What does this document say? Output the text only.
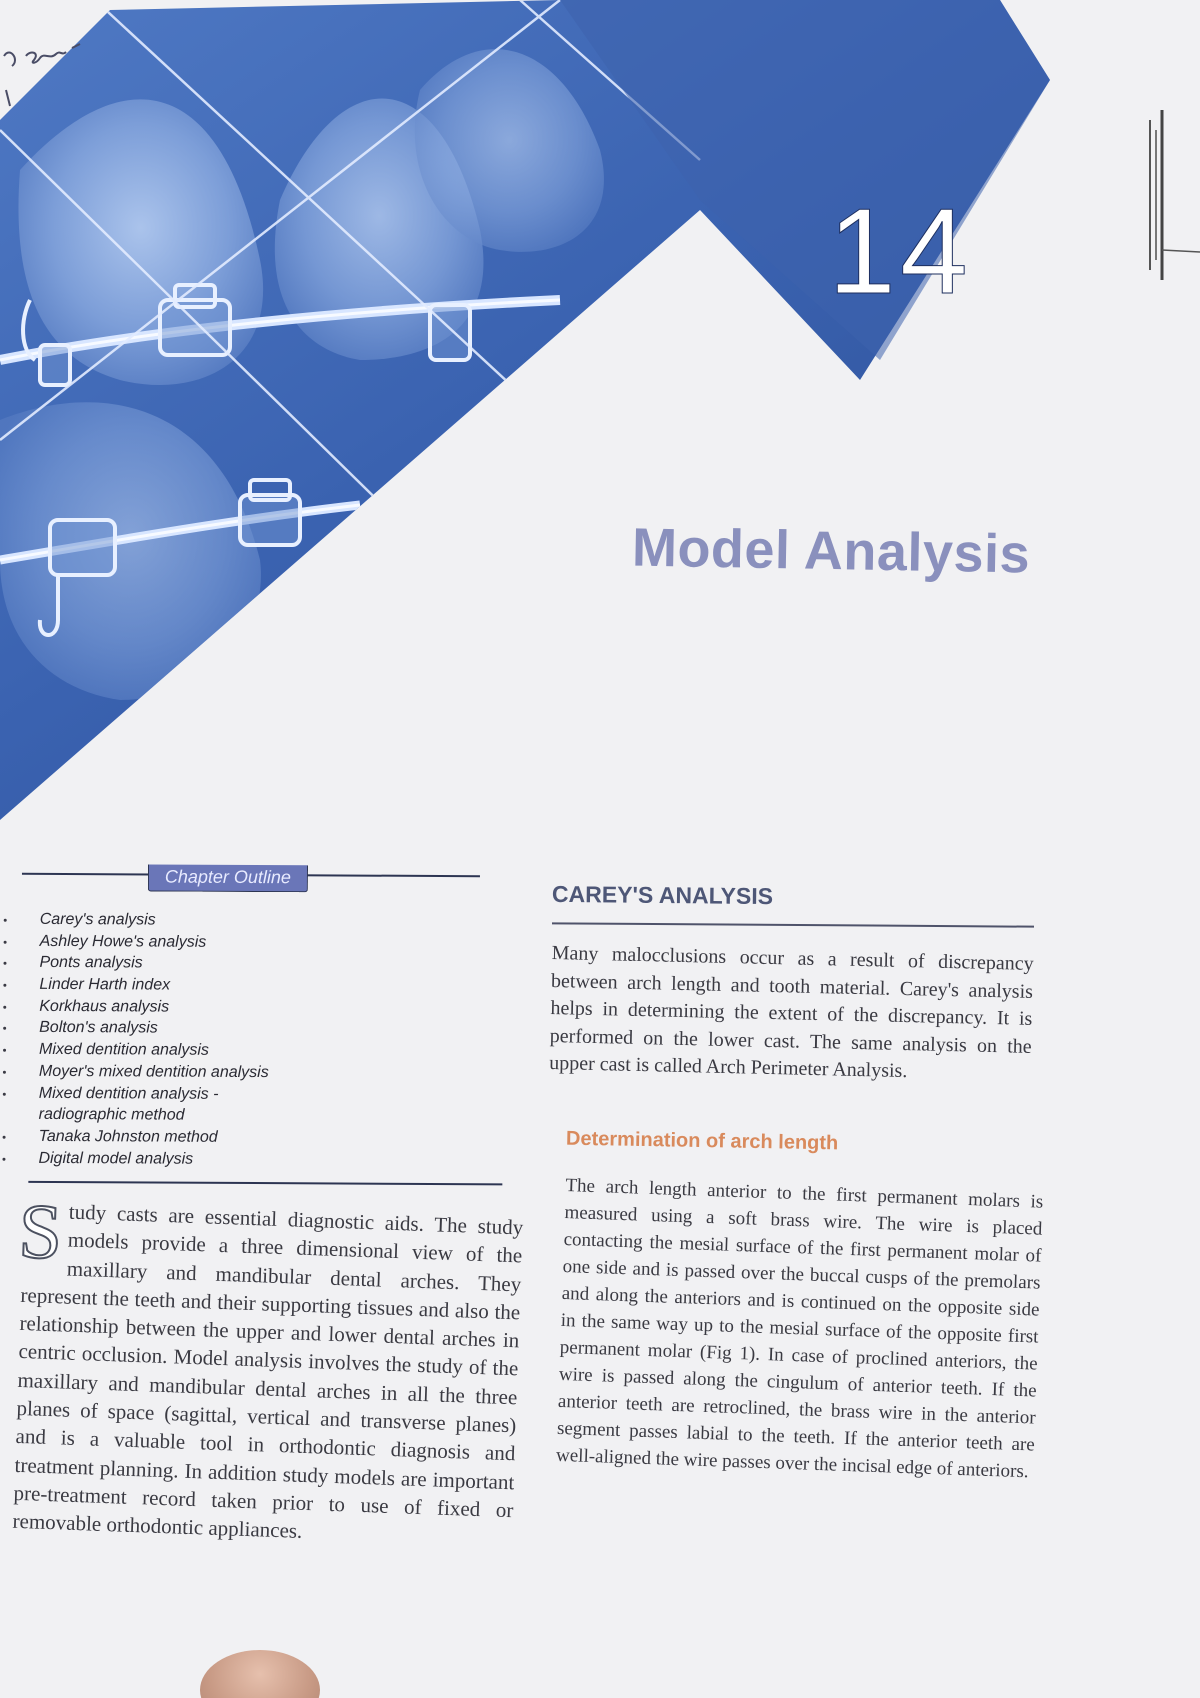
14
Model Analysis
Chapter Outline
Carey's analysis
Ashley Howe's analysis
Ponts analysis
Linder Harth index
Korkhaus analysis
Bolton's analysis
Mixed dentition analysis
Moyer's mixed dentition analysis
Mixed dentition analysis -
radiographic method
Tanaka Johnston method
Digital model analysis

Study casts are essential diagnostic aids. The study models provide a three dimensional view of the maxillary and mandibular dental arches. They represent the teeth and their supporting tissues and also the relationship between the upper and lower dental arches in centric occlusion. Model analysis involves the study of the maxillary and mandibular dental arches in all the three planes of space (sagittal, vertical and transverse planes) and is a valuable tool in orthodontic diagnosis and treatment planning. In addition study models are important pre-treatment record taken prior to use of fixed or removable orthodontic appliances.

CAREY'S ANALYSIS

Many malocclusions occur as a result of discrepancy between arch length and tooth material. Carey's analysis helps in determining the extent of the discrepancy. It is performed on the lower cast. The same analysis on the upper cast is called Arch Perimeter Analysis.

Determination of arch length

The arch length anterior to the first permanent molars is measured using a soft brass wire. The wire is placed contacting the mesial surface of the first permanent molar of one side and is passed over the buccal cusps of the premolars and along the anteriors and is continued on the opposite side in the same way up to the mesial surface of the opposite first permanent molar (Fig 1). In case of proclined anteriors, the wire is passed along the cingulum of anterior teeth. If the anterior teeth are retroclined, the brass wire in the anterior segment passes labial to the teeth. If the anterior teeth are well-aligned the wire passes over the incisal edge of anteriors.
